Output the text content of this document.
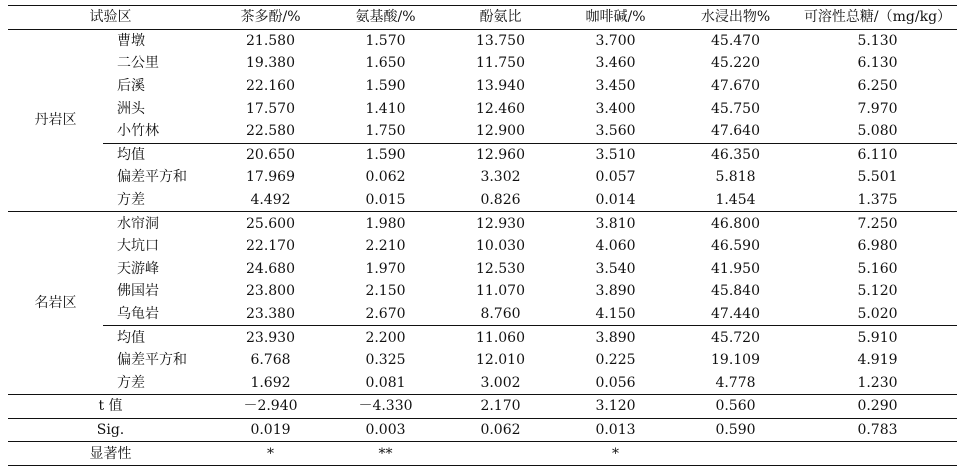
试验区		茶多酚/%	氨基酸/%	酚氨比	咖啡碱/%	水浸出物%	可溶性总糖/（mg/kg）
丹岩区	曹墩	21.580	1.570	13.750	3.700	45.470	5.130
	二公里	19.380	1.650	11.750	3.460	45.220	6.130
	后溪	22.160	1.590	13.940	3.450	47.670	6.250
	洲头	17.570	1.410	12.460	3.400	45.750	7.970
	小竹林	22.580	1.750	12.900	3.560	47.640	5.080
	均值	20.650	1.590	12.960	3.510	46.350	6.110
	偏差平方和	17.969	0.062	3.302	0.057	5.818	5.501
	方差	4.492	0.015	0.826	0.014	1.454	1.375
名岩区	水帘洞	25.600	1.980	12.930	3.810	46.800	7.250
	大坑口	22.170	2.210	10.030	4.060	46.590	6.980
	天游峰	24.680	1.970	12.530	3.540	41.950	5.160
	佛国岩	23.800	2.150	11.070	3.890	45.840	5.120
	乌龟岩	23.380	2.670	8.760	4.150	47.440	5.020
	均值	23.930	2.200	11.060	3.890	45.720	5.910
	偏差平方和	6.768	0.325	12.010	0.225	19.109	4.919
	方差	1.692	0.081	3.002	0.056	4.778	1.230
t 值		－2.940	－4.330	2.170	3.120	0.560	0.290
Sig.		0.019	0.003	0.062	0.013	0.590	0.783
显著性		*	**		*		
